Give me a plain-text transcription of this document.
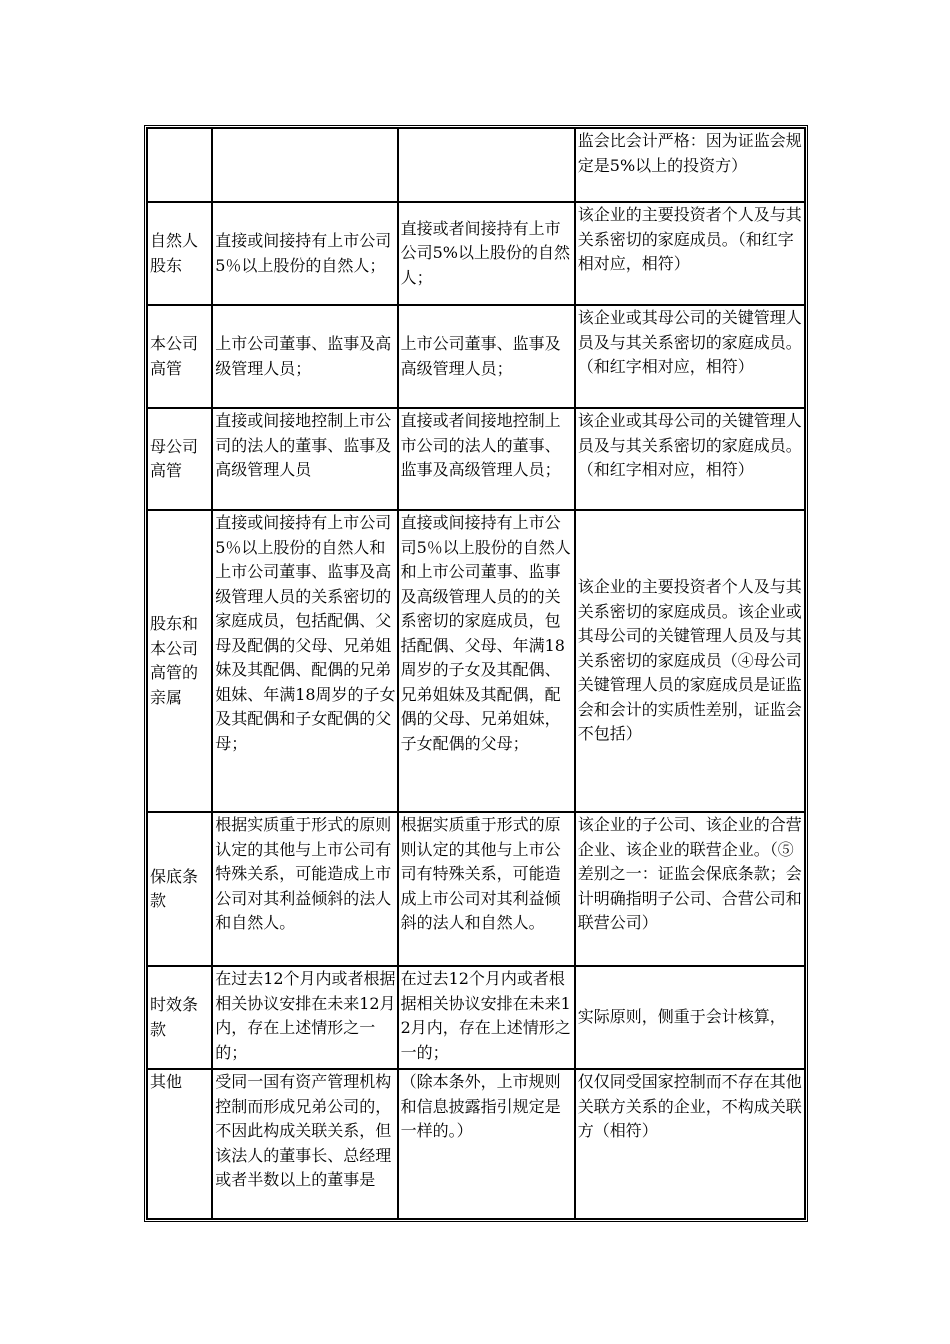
			监会比会计严格：因为证监会规定是5%以上的投资方）
自然人股东	直接或间接持有上市公司5％以上股份的自然人；	直接或者间接持有上市公司5%以上股份的自然人；	该企业的主要投资者个人及与其关系密切的家庭成员。（和红字相对应，相符）
本公司高管	上市公司董事、监事及高级管理人员；	上市公司董事、监事及高级管理人员；	该企业或其母公司的关键管理人员及与其关系密切的家庭成员。（和红字相对应，相符）
母公司高管	直接或间接地控制上市公司的法人的董事、监事及高级管理人员	直接或者间接地控制上市公司的法人的董事、监事及高级管理人员；	该企业或其母公司的关键管理人员及与其关系密切的家庭成员。（和红字相对应，相符）
股东和本公司高管的亲属	直接或间接持有上市公司5％以上股份的自然人和上市公司董事、监事及高级管理人员的关系密切的家庭成员，包括配偶、父母及配偶的父母、兄弟姐妹及其配偶、配偶的兄弟姐妹、年满18周岁的子女及其配偶和子女配偶的父母；	直接或间接持有上市公司5％以上股份的自然人和上市公司董事、监事及高级管理人员的的关系密切的家庭成员，包括配偶、父母、年满18周岁的子女及其配偶、兄弟姐妹及其配偶，配偶的父母、兄弟姐妹，子女配偶的父母；	该企业的主要投资者个人及与其关系密切的家庭成员。该企业或其母公司的关键管理人员及与其关系密切的家庭成员（④母公司关键管理人员的家庭成员是证监会和会计的实质性差别，证监会不包括）
保底条款	根据实质重于形式的原则认定的其他与上市公司有特殊关系，可能造成上市公司对其利益倾斜的法人和自然人。	根据实质重于形式的原则认定的其他与上市公司有特殊关系，可能造成上市公司对其利益倾斜的法人和自然人。	该企业的子公司、该企业的合营企业、该企业的联营企业。（⑤差别之一：证监会保底条款；会计明确指明子公司、合营公司和联营公司）
时效条款	在过去12个月内或者根据相关协议安排在未来12月内，存在上述情形之一的；	在过去12个月内或者根据相关协议安排在未来12月内，存在上述情形之一的；	实际原则，侧重于会计核算，
其他	受同一国有资产管理机构控制而形成兄弟公司的，不因此构成关联关系，但该法人的董事长、总经理或者半数以上的董事是	（除本条外，上市规则和信息披露指引规定是一样的。）	仅仅同受国家控制而不存在其他关联方关系的企业，不构成关联方（相符）
